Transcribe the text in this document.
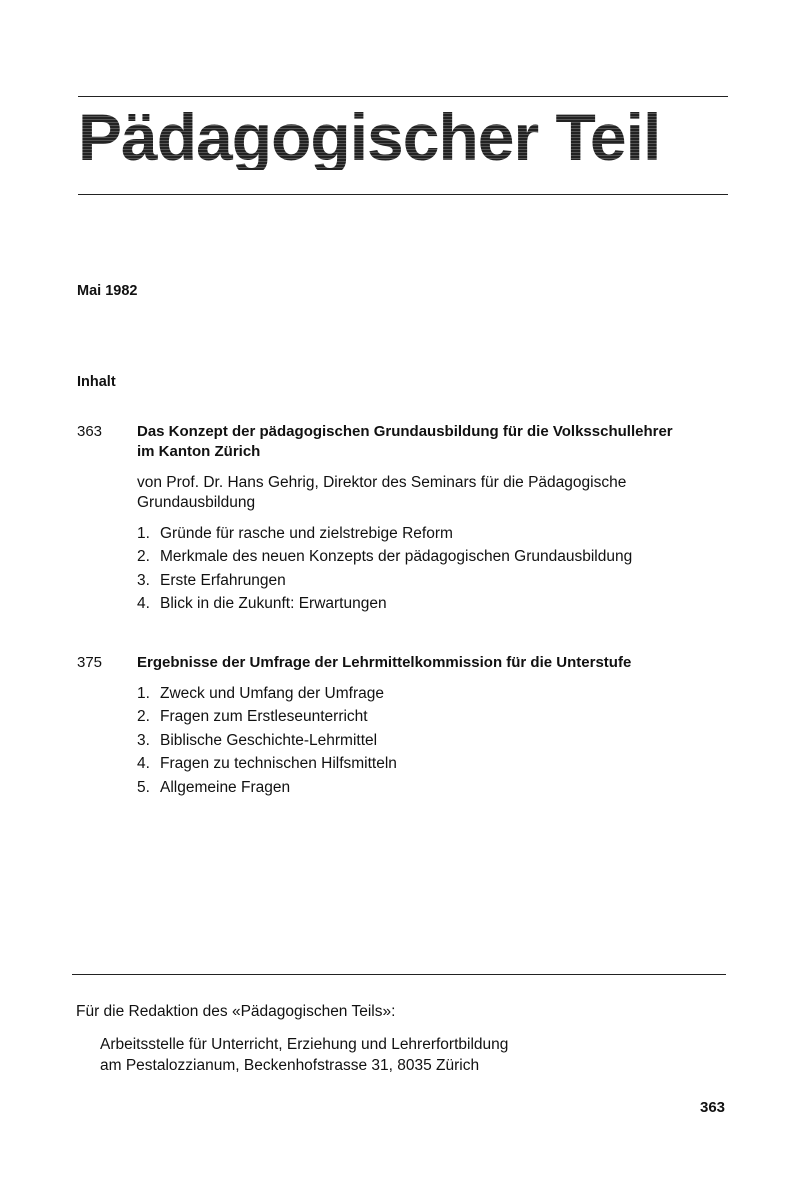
Pädagogischer Teil
Mai 1982
Inhalt
363 Das Konzept der pädagogischen Grundausbildung für die Volksschullehrer
im Kanton Zürich
von Prof. Dr. Hans Gehrig, Direktor des Seminars für die Pädagogische
Grundausbildung
1. Gründe für rasche und zielstrebige Reform
2. Merkmale des neuen Konzepts der pädagogischen Grundausbildung
3. Erste Erfahrungen
4. Blick in die Zukunft: Erwartungen
375 Ergebnisse der Umfrage der Lehrmittelkommission für die Unterstufe
1. Zweck und Umfang der Umfrage
2. Fragen zum Erstleseunterricht
3. Biblische Geschichte-Lehrmittel
4. Fragen zu technischen Hilfsmitteln
5. Allgemeine Fragen
Für die Redaktion des «Pädagogischen Teils»:
Arbeitsstelle für Unterricht, Erziehung und Lehrerfortbildung
am Pestalozzianum, Beckenhofstrasse 31, 8035 Zürich
363
